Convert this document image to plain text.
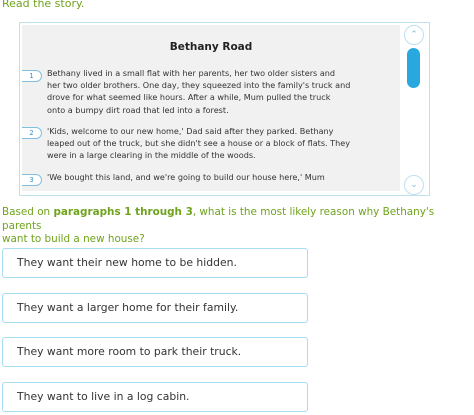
Read the story.
Bethany Road
1	Bethany lived in a small flat with her parents, her two older sisters and
her two older brothers. One day, they squeezed into the family's truck and
drove for what seemed like hours. After a while, Mum pulled the truck
onto a bumpy dirt road that led into a forest.
2	'Kids, welcome to our new home,' Dad said after they parked. Bethany
leaped out of the truck, but she didn't see a house or a block of flats. They
were in a large clearing in the middle of the woods.
3	'We bought this land, and we're going to build our house here,' Mum
⌃
⌄
Based on paragraphs 1 through 3, what is the most likely reason why Bethany's parents
want to build a new house?
They want their new home to be hidden.
They want a larger home for their family.
They want more room to park their truck.
They want to live in a log cabin.
